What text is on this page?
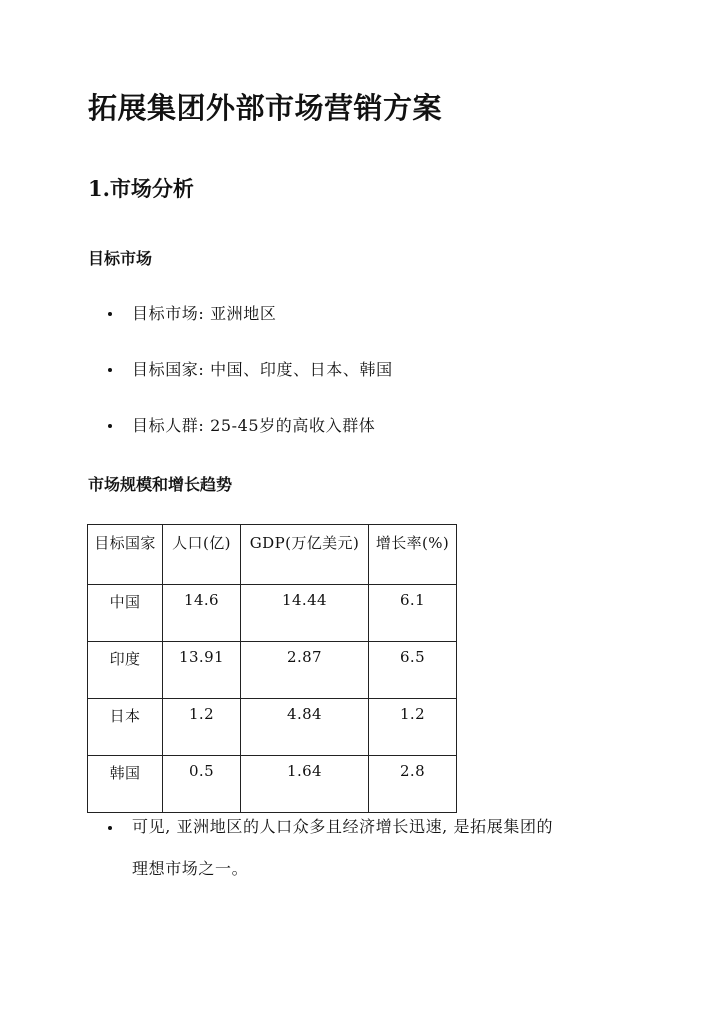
拓展集团外部市场营销方案
1.市场分析
目标市场
目标市场: 亚洲地区
目标国家: 中国、印度、日本、韩国
目标人群: 25-45岁的高收入群体
市场规模和增长趋势
目标国家	人口(亿)	GDP(万亿美元)	增长率(%)
中国	14.6	14.44	6.1
印度	13.91	2.87	6.5
日本	1.2	4.84	1.2
韩国	0.5	1.64	2.8
可见, 亚洲地区的人口众多且经济增长迅速, 是拓展集团的
理想市场之一。
